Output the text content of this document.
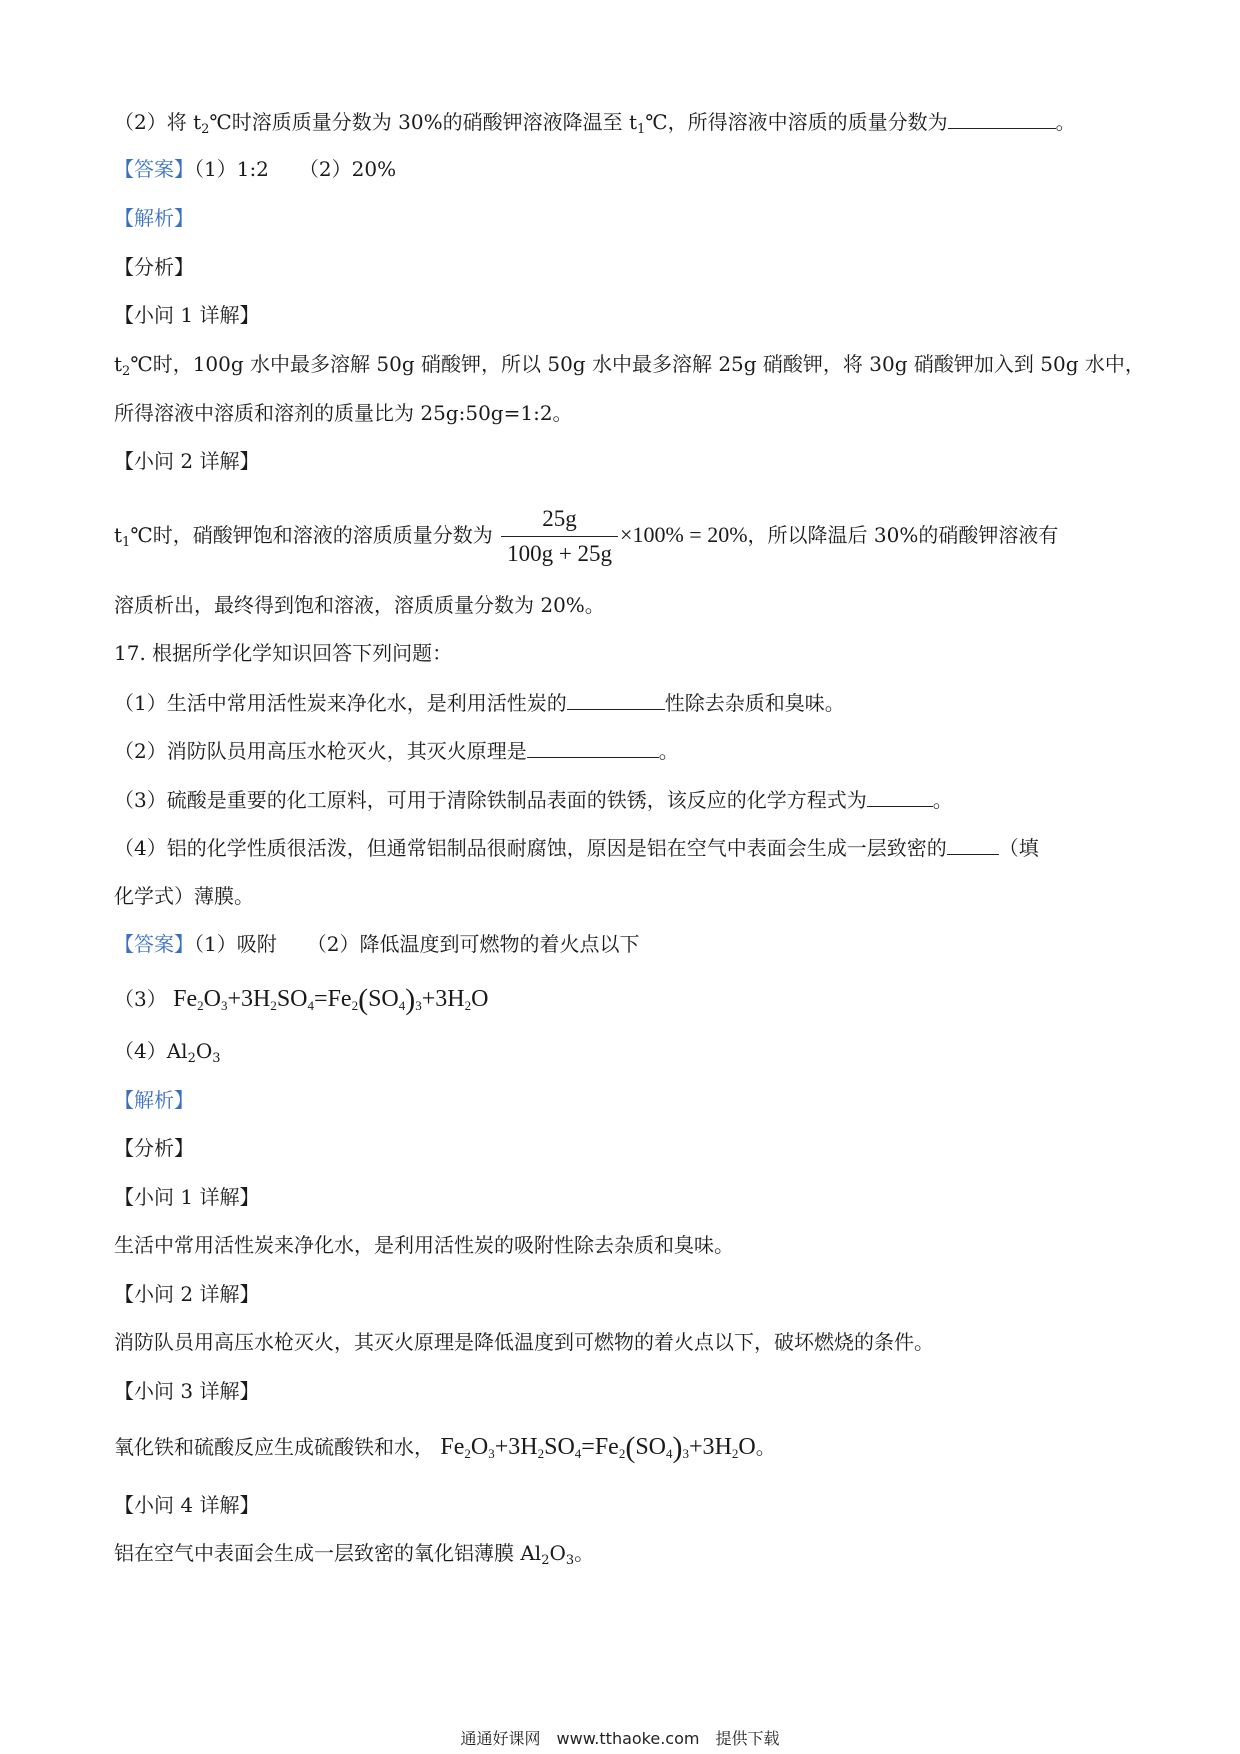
（2）将 $t_2℃$时溶质质量分数为 30%的硝酸钾溶液降温至 $t_1℃$，所得溶液中溶质的质量分数为	。
【答案】（1）1:2　　（2）20%
【解析】
【分析】
【小问 1 详解】
$t_2℃$时，100g 水中最多溶解 50g 硝酸钾，所以 50g 水中最多溶解 25g 硝酸钾，将 30g 硝酸钾加入到 50g 水中，
所得溶液中溶质和溶剂的质量比为 25g:50g=1:2。
【小问 2 详解】
$t_1℃$时，硝酸钾饱和溶液的溶质质量分数为 $\frac{25g}{100g + 25g} \times 100\% = 20\%$，所以降温后 30%的硝酸钾溶液有
溶质析出，最终得到饱和溶液，溶质质量分数为 20%。
17. 根据所学化学知识回答下列问题：
（1）生活中常用活性炭来净化水，是利用活性炭的	性除去杂质和臭味。
（2）消防队员用高压水枪灭火，其灭火原理是	。
（3）硫酸是重要的化工原料，可用于清除铁制品表面的铁锈，该反应的化学方程式为	。
（4）铝的化学性质很活泼，但通常铝制品很耐腐蚀，原因是铝在空气中表面会生成一层致密的	（填
化学式）薄膜。
【答案】（1）吸附　　（2）降低温度到可燃物的着火点以下
（3） $Fe_2O_3+3H_2SO_4=Fe_2(SO_4)_3+3H_2O$
$(4)Al_2O_3$
【解析】
【分析】
【小问 1 详解】
生活中常用活性炭来净化水，是利用活性炭的吸附性除去杂质和臭味。
【小问 2 详解】
消防队员用高压水枪灭火，其灭火原理是降低温度到可燃物的着火点以下，破坏燃烧的条件。
【小问 3 详解】
氧化铁和硫酸反应生成硫酸铁和水， $Fe_2O_3+3H_2SO_4=Fe_2(SO_4)_3+3H_2O$。
【小问 4 详解】
铝在空气中表面会生成一层致密的氧化铝薄膜 $Al_2O_3$。
通通好课网　www.tthaoke.com　提供下载
